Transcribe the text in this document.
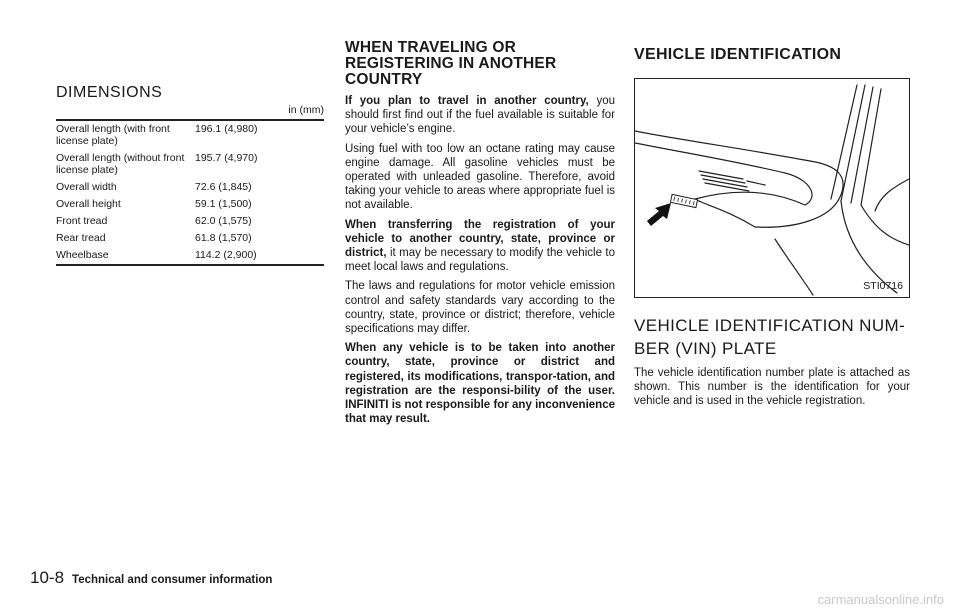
DIMENSIONS
in (mm)
Overall length (with front license plate)	196.1 (4,980)
Overall length (without front license plate)	195.7 (4,970)
Overall width	72.6 (1,845)
Overall height	59.1 (1,500)
Front tread	62.0 (1,575)
Rear tread	61.8 (1,570)
Wheelbase	114.2 (2,900)
WHEN TRAVELING OR REGISTERING IN ANOTHER COUNTRY

If you plan to travel in another country, you should first find out if the fuel available is suitable for your vehicle’s engine.

Using fuel with too low an octane rating may cause engine damage. All gasoline vehicles must be operated with unleaded gasoline. Therefore, avoid taking your vehicle to areas where appropriate fuel is not available.

When transferring the registration of your vehicle to another country, state, province or district, it may be necessary to modify the vehicle to meet local laws and regulations.

The laws and regulations for motor vehicle emission control and safety standards vary according to the country, state, province or district; therefore, vehicle specifications may differ.

When any vehicle is to be taken into another country, state, province or district and registered, its modifications, transpor-tation, and registration are the responsi-bility of the user. INFINITI is not responsible for any inconvenience that may result.

VEHICLE IDENTIFICATION
STI0716
VEHICLE IDENTIFICATION NUM-BER (VIN) PLATE

The vehicle identification number plate is attached as shown. This number is the identification for your vehicle and is used in the vehicle registration.

10-8 Technical and consumer information
carmanualsonline.info
